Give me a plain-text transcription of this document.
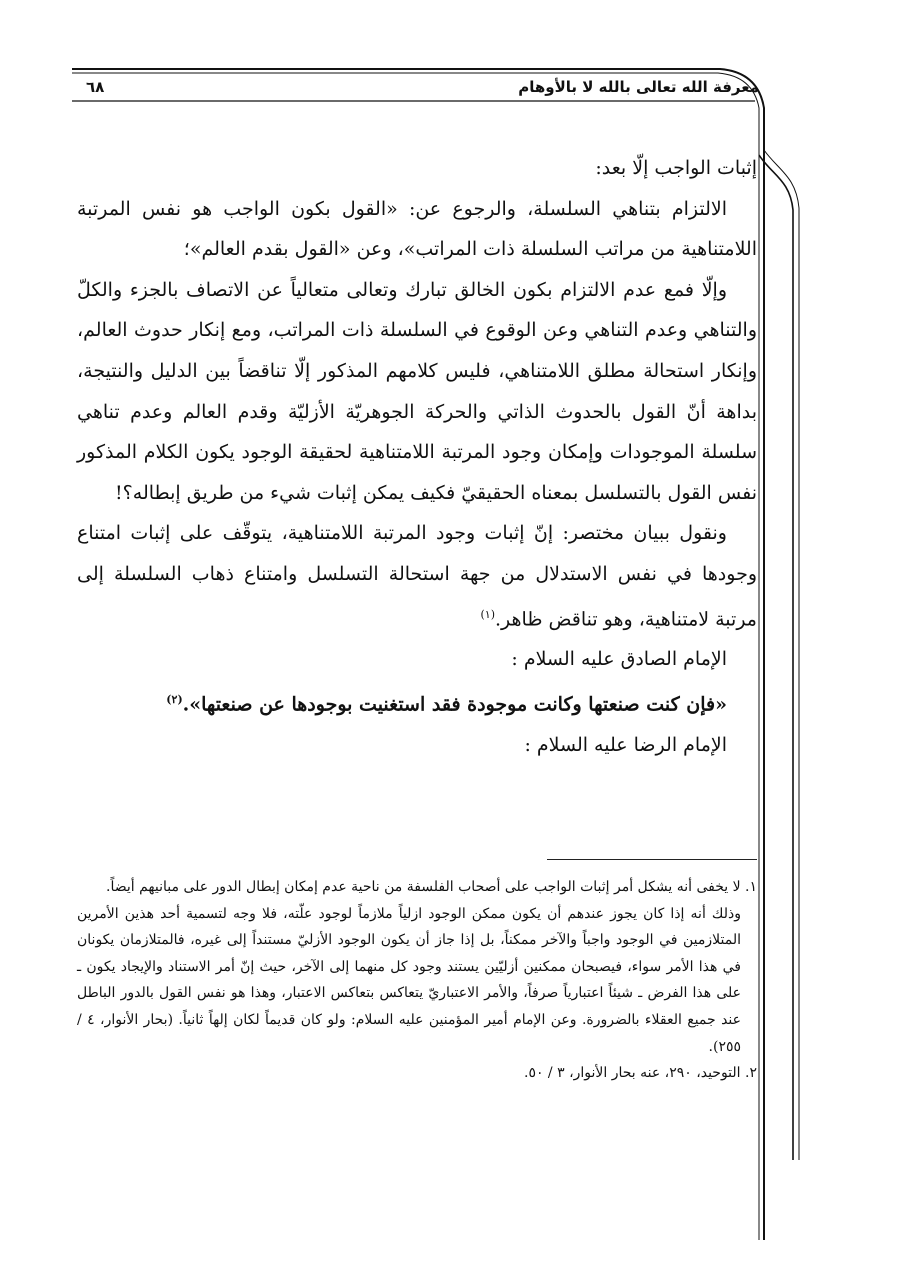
معرفة الله تعالى بالله لا بالأوهام
٦٨

إثبات الواجب إلّا بعد:

الالتزام بتناهي السلسلة، والرجوع عن: «القول بكون الواجب هو نفس المرتبة اللامتناهية من مراتب السلسلة ذات المراتب»، وعن «القول بقدم العالم»؛

وإلّا فمع عدم الالتزام بكون الخالق تبارك وتعالى متعالياً عن الاتصاف بالجزء والكلّ والتناهي وعدم التناهي وعن الوقوع في السلسلة ذات المراتب، ومع إنكار حدوث العالم، وإنكار استحالة مطلق اللامتناهي، فليس كلامهم المذكور إلّا تناقضاً بين الدليل والنتيجة، بداهة أنّ القول بالحدوث الذاتي والحركة الجوهريّة الأزليّة وقدم العالم وعدم تناهي سلسلة الموجودات وإمكان وجود المرتبة اللامتناهية لحقيقة الوجود يكون الكلام المذكور نفس القول بالتسلسل بمعناه الحقيقيّ فكيف يمكن إثبات شيء من طريق إبطاله؟!

ونقول ببيان مختصر: إنّ إثبات وجود المرتبة اللامتناهية، يتوقّف على إثبات امتناع وجودها في نفس الاستدلال من جهة استحالة التسلسل وامتناع ذهاب السلسلة إلى مرتبة لامتناهية، وهو تناقض ظاهر.$^{(١)}$

الإمام الصادق عليه السلام :

«فإن كنت صنعتها وكانت موجودة فقد استغنيت بوجودها عن صنعتها».$^{(٢)}$

الإمام الرضا عليه السلام :

١. لا يخفى أنه يشكل أمر إثبات الواجب على أصحاب الفلسفة من ناحية عدم إمكان إبطال الدور على مبانيهم أيضاً.

وذلك أنه إذا كان يجوز عندهم أن يكون ممكن الوجود ازلياً ملازماً لوجود علّته، فلا وجه لتسمية أحد هذين الأمرين المتلازمين في الوجود واجباً والآخر ممكناً، بل إذا جاز أن يكون الوجود الأزليّ مستنداً إلى غيره، فالمتلازمان يكونان في هذا الأمر سواء، فيصبحان ممكنين أزليّين يستند وجود كل منهما إلى الآخر، حيث إنّ أمر الاستناد والإيجاد يكون ـ على هذا الفرض ـ شيئاً اعتبارياً صرفاً، والأمر الاعتباريّ يتعاكس بتعاكس الاعتبار، وهذا هو نفس القول بالدور الباطل عند جميع العقلاء بالضرورة. وعن الإمام أمير المؤمنين عليه السلام: ولو كان قديماً لكان إلهاً ثانياً. (بحار الأنوار، ٤ / ٢٥٥).

٢. التوحيد، ٢٩٠، عنه بحار الأنوار، ٣ / ٥٠.
